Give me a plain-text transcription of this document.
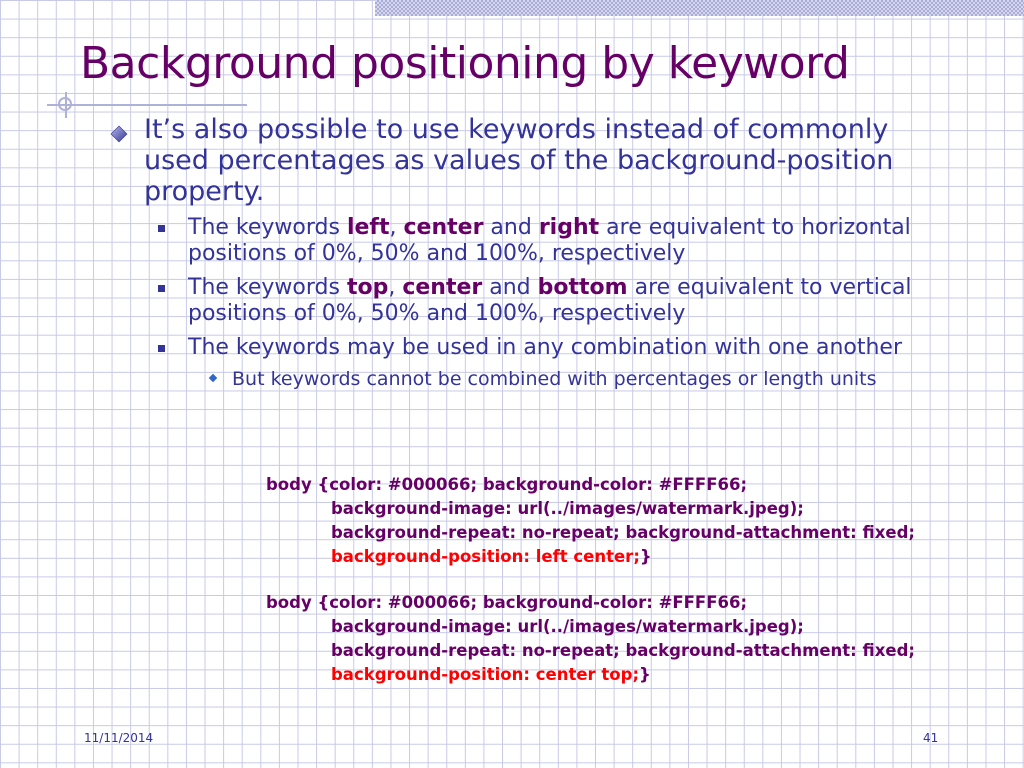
Background positioning by keyword
It’s also possible to use keywords instead of commonly used percentages as values of the background-position property.
The keywords left, center and right are equivalent to horizontal positions of 0%, 50% and 100%, respectively
The keywords top, center and bottom are equivalent to vertical positions of 0%, 50% and 100%, respectively
The keywords may be used in any combination with one another
But keywords cannot be combined with percentages or length units
body {color: #000066; background-color: #FFFF66;
background-image: url(../images/watermark.jpeg);
background-repeat: no-repeat; background-attachment: fixed;
background-position: left center;}
body {color: #000066; background-color: #FFFF66;
background-image: url(../images/watermark.jpeg);
background-repeat: no-repeat; background-attachment: fixed;
background-position: center top;}
11/11/2014	41
